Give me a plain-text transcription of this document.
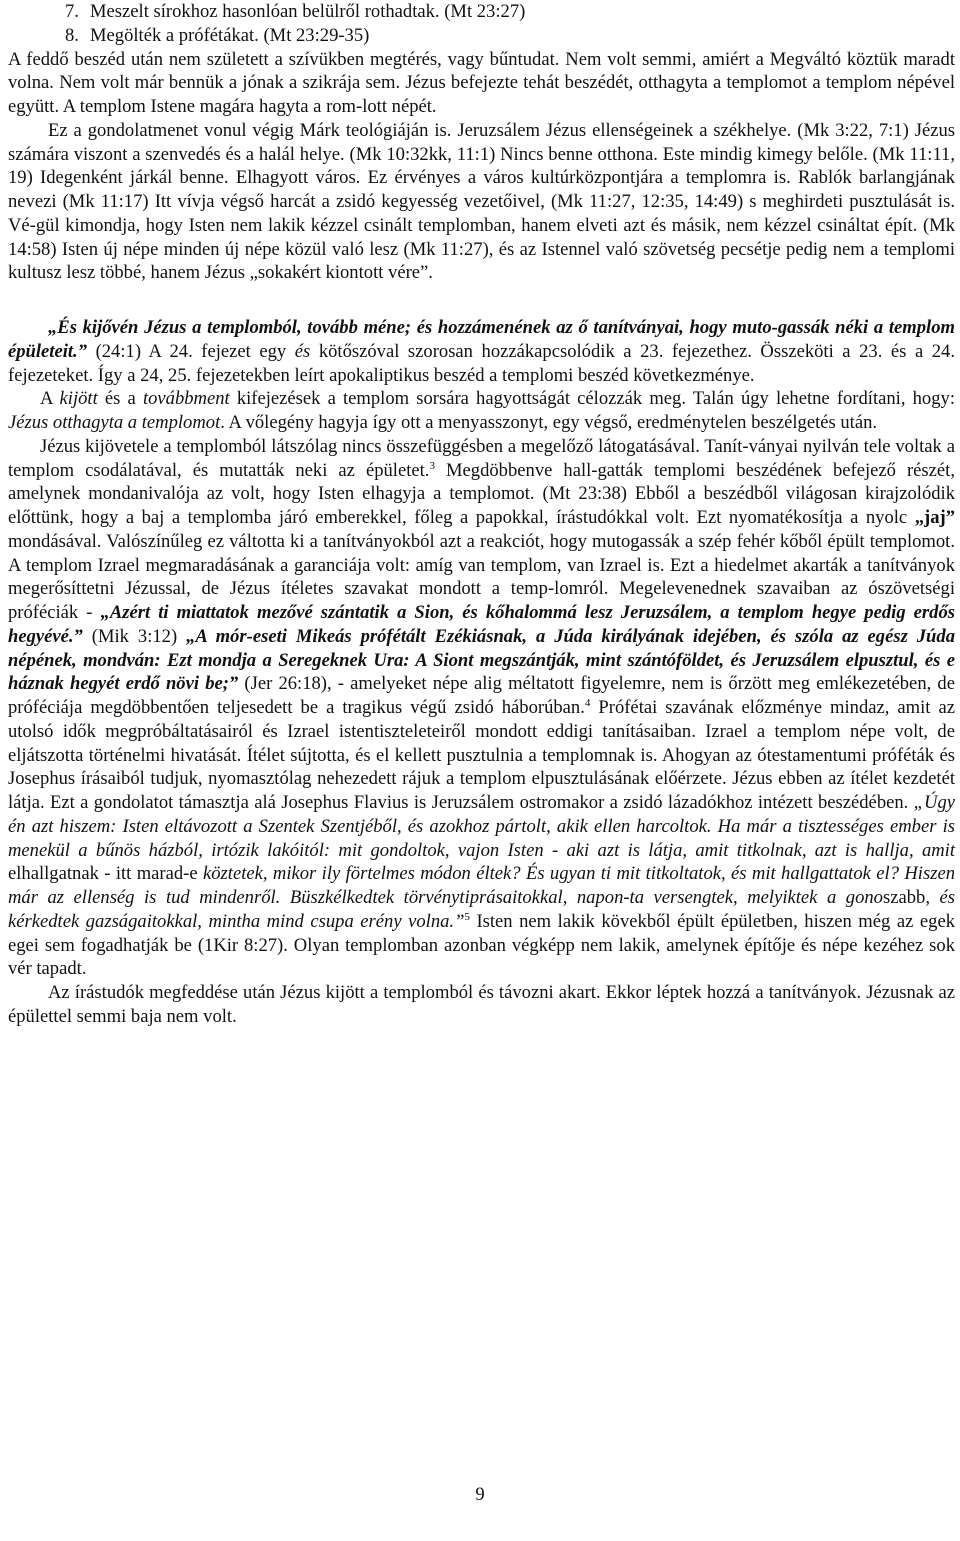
7. Meszelt sírokhoz hasonlóan belülről rothadtak. (Mt 23:27)

8. Megölték a prófétákat. (Mt 23:29-35)

A feddő beszéd után nem született a szívükben megtérés, vagy bűntudat. Nem volt semmi, amiért a Megváltó köztük maradt volna. Nem volt már bennük a jónak a szikrája sem. Jézus befejezte tehát beszédét, otthagyta a templomot a templom népével együtt. A templom Istene magára hagyta a rom-lott népét.

Ez a gondolatmenet vonul végig Márk teológiáján is. Jeruzsálem Jézus ellenségeinek a székhelye. (Mk 3:22, 7:1) Jézus számára viszont a szenvedés és a halál helye. (Mk 10:32kk, 11:1) Nincs benne otthona. Este mindig kimegy belőle. (Mk 11:11, 19) Idegenként járkál benne. Elhagyott város. Ez érvényes a város kultúrközpontjára a templomra is. Rablók barlangjának nevezi (Mk 11:17) Itt vívja végső harcát a zsidó kegyesség vezetőivel, (Mk 11:27, 12:35, 14:49) s meghirdeti pusztulását is. Vé-gül kimondja, hogy Isten nem lakik kézzel csinált templomban, hanem elveti azt és másik, nem kézzel csináltat épít. (Mk 14:58) Isten új népe minden új népe közül való lesz (Mk 11:27), és az Istennel való szövetség pecsétje pedig nem a templomi kultusz lesz többé, hanem Jézus „sokakért kiontott vére”.

„És kijővén Jézus a templomból, tovább méne; és hozzámenének az ő tanítványai, hogy muto-gassák néki a templom épületeit.” (24:1) A 24. fejezet egy és kötőszóval szorosan hozzákapcsolódik a 23. fejezethez. Összeköti a 23. és a 24. fejezeteket. Így a 24, 25. fejezetekben leírt apokaliptikus beszéd a templomi beszéd következménye.

A kijött és a továbbment kifejezések a templom sorsára hagyottságát célozzák meg. Talán úgy lehetne fordítani, hogy: Jézus otthagyta a templomot. A vőlegény hagyja így ott a menyasszonyt, egy végső, eredménytelen beszélgetés után.

Jézus kijövetele a templomból látszólag nincs összefüggésben a megelőző látogatásával. Tanít-ványai nyilván tele voltak a templom csodálatával, és mutatták neki az épületet.$^3$ Megdöbbenve hall-gatták templomi beszédének befejező részét, amelynek mondanivalója az volt, hogy Isten elhagyja a templomot. (Mt 23:38) Ebből a beszédből világosan kirajzolódik előttünk, hogy a baj a templomba járó emberekkel, főleg a papokkal, írástudókkal volt. Ezt nyomatékosítja a nyolc „jaj” mondásával. Valószínűleg ez váltotta ki a tanítványokból azt a reakciót, hogy mutogassák a szép fehér kőből épült templomot. A templom Izrael megmaradásának a garanciája volt: amíg van templom, van Izrael is. Ezt a hiedelmet akarták a tanítványok megerősíttetni Jézussal, de Jézus ítéletes szavakat mondott a temp-lomról. Megelevenednek szavaiban az ószövetségi próféciák - „Azért ti miattatok mezővé szántatik a Sion, és kőhalommá lesz Jeruzsálem, a templom hegye pedig erdős hegyévé.” (Mik 3:12) „A mór-eseti Mikeás prófétált Ezékiásnak, a Júda királyának idejében, és szóla az egész Júda népének, mondván: Ezt mondja a Seregeknek Ura: A Siont megszántják, mint szántóföldet, és Jeruzsálem elpusztul, és e háznak hegyét erdő növi be;” (Jer 26:18), - amelyeket népe alig méltatott figyelemre, nem is őrzött meg emlékezetében, de próféciája megdöbbentően teljesedett be a tragikus végű zsidó háborúban.$^4$ Prófétai szavának előzménye mindaz, amit az utolsó idők megpróbáltatásairól és Izrael istentiszteleteiről mondott eddigi tanításaiban. Izrael a templom népe volt, de eljátszotta történelmi hivatását. Ítélet sújtotta, és el kellett pusztulnia a templomnak is. Ahogyan az ótestamentumi próféták és Josephus írásaiból tudjuk, nyomasztólag nehezedett rájuk a templom elpusztulásának előérzete. Jézus ebben az ítélet kezdetét látja. Ezt a gondolatot támasztja alá Josephus Flavius is Jeruzsálem ostromakor a zsidó lázadókhoz intézett beszédében. „Úgy én azt hiszem: Isten eltávozott a Szentek Szentjéből, és azokhoz pártolt, akik ellen harcoltok. Ha már a tisztességes ember is menekül a bűnös házból, irtózik lakóitól: mit gondoltok, vajon Isten - aki azt is látja, amit titkolnak, azt is hallja, amit elhallgatnak - itt marad-e köztetek, mikor ily förtelmes módon éltek? És ugyan ti mit titkoltatok, és mit hallgattatok el? Hiszen már az ellenség is tud mindenről. Büszkélkedtek törvénytiprásaitokkal, napon-ta versengtek, melyiktek a gonoszabb, és kérkedtek gazságaitokkal, mintha mind csupa erény volna.”$^5$ Isten nem lakik kövekből épült épületben, hiszen még az egek egei sem fogadhatják be (1Kir 8:27). Olyan templomban azonban végképp nem lakik, amelynek építője és népe kezéhez sok vér tapadt.

Az írástudók megfeddése után Jézus kijött a templomból és távozni akart. Ekkor léptek hozzá a tanítványok. Jézusnak az épülettel semmi baja nem volt.

9
